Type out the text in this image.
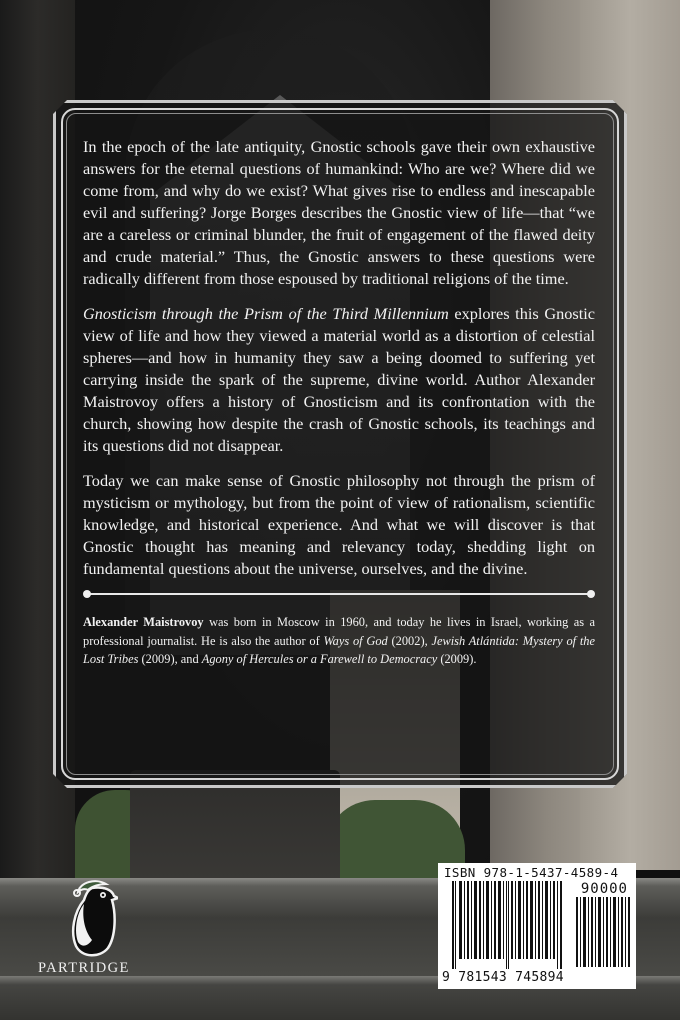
In the epoch of the late antiquity, Gnostic schools gave their own exhaustive answers for the eternal questions of humankind: Who are we? Where did we come from, and why do we exist? What gives rise to endless and inescapable evil and suffering? Jorge Borges describes the Gnostic view of life—that “we are a careless or criminal blunder, the fruit of engagement of the flawed deity and crude material.” Thus, the Gnostic answers to these questions were radically different from those espoused by traditional religions of the time.

Gnosticism through the Prism of the Third Millennium explores this Gnostic view of life and how they viewed a material world as a distortion of celestial spheres—and how in humanity they saw a being doomed to suffering yet carrying inside the spark of the supreme, divine world. Author Alexander Maistrovoy offers a history of Gnosticism and its confrontation with the church, showing how despite the crash of Gnostic schools, its teachings and its questions did not disappear.

Today we can make sense of Gnostic philosophy not through the prism of mysticism or mythology, but from the point of view of rationalism, scientific knowledge, and historical experience. And what we will discover is that Gnostic thought has meaning and relevancy today, shedding light on fundamental questions about the universe, ourselves, and the divine.

Alexander Maistrovoy was born in Moscow in 1960, and today he lives in Israel, working as a professional journalist. He is also the author of Ways of God (2002), Jewish Atlántida: Mystery of the Lost Tribes (2009), and Agony of Hercules or a Farewell to Democracy (2009).

PARTRIDGE
ISBN 978-1-5437-4589-4
90000
9 781543 745894
